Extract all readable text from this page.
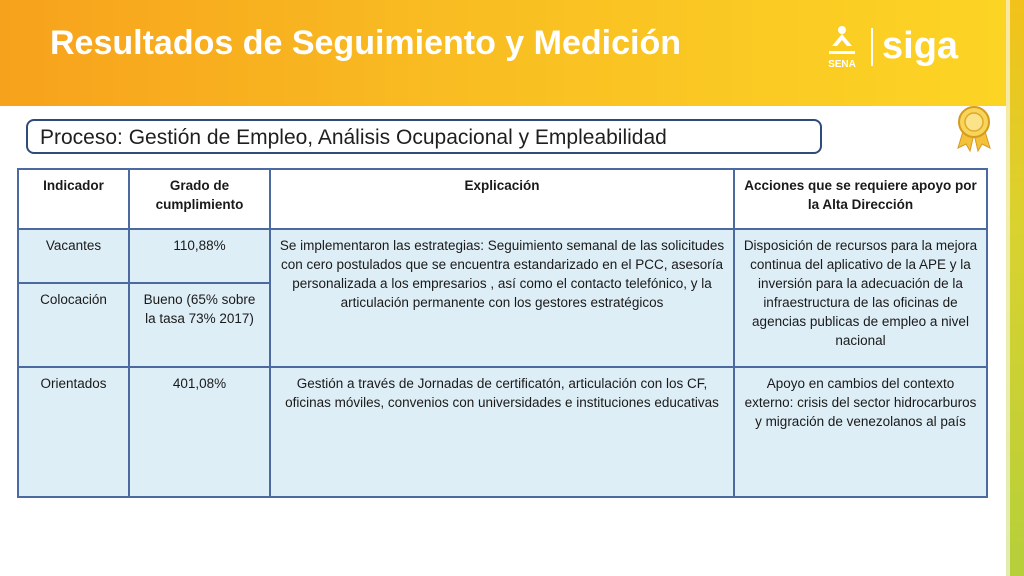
Resultados de Seguimiento y Medición
SENA siga
Proceso: Gestión de Empleo, Análisis Ocupacional y Empleabilidad
Indicador	Grado de cumplimiento	Explicación	Acciones que se requiere apoyo por la Alta Dirección
Vacantes	110,88%	Se implementaron las estrategias: Seguimiento semanal de las solicitudes con cero postulados que se encuentra estandarizado en el PCC, asesoría personalizada a los empresarios , así como el contacto telefónico, y la articulación permanente con los gestores estratégicos	Disposición de recursos para la mejora continua del aplicativo de la APE y la inversión para la adecuación de la infraestructura de las oficinas de agencias publicas de empleo a nivel nacional
Colocación	Bueno (65% sobre la tasa 73% 2017)		
Orientados	401,08%	Gestión a través de Jornadas de certificatón, articulación con los CF, oficinas móviles, convenios con universidades e instituciones educativas	Apoyo en cambios del contexto externo: crisis del sector hidrocarburos y migración de venezolanos al país
